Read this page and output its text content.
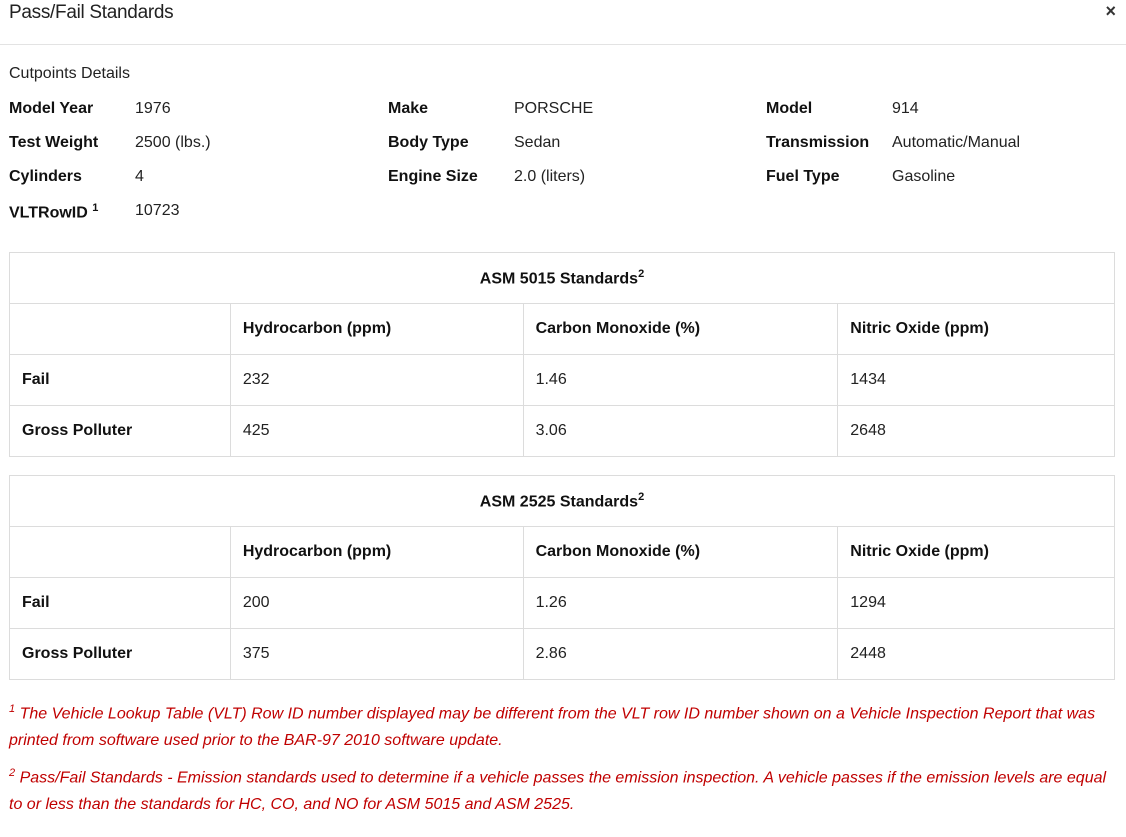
Pass/Fail Standards	×
Cutpoints Details
Model Year	1976	Make	PORSCHE	Model	914
Test Weight 2500 (lbs.)	Body Type	Sedan	Transmission Automatic/Manual
Cylinders	4	Engine Size 2.0 (liters)	Fuel Type	Gasoline
VLTRowID $^1$ 10723
ASM 5015 Standards$^2$
	Hydrocarbon (ppm)	Carbon Monoxide (%)	Nitric Oxide (ppm)
Fail	232	1.46	1434
Gross Polluter	425	3.06	2648
ASM 2525 Standards$^2$
	Hydrocarbon (ppm)	Carbon Monoxide (%)	Nitric Oxide (ppm)
Fail	200	1.26	1294
Gross Polluter	375	2.86	2448
$^1$ The Vehicle Lookup Table (VLT) Row ID number displayed may be different from the VLT row ID number shown on a Vehicle Inspection Report that was printed from software used prior to the BAR-97 2010 software update.
$^2$ Pass/Fail Standards - Emission standards used to determine if a vehicle passes the emission inspection. A vehicle passes if the emission levels are equal to or less than the standards for HC, CO, and NO for ASM 5015 and ASM 2525.
